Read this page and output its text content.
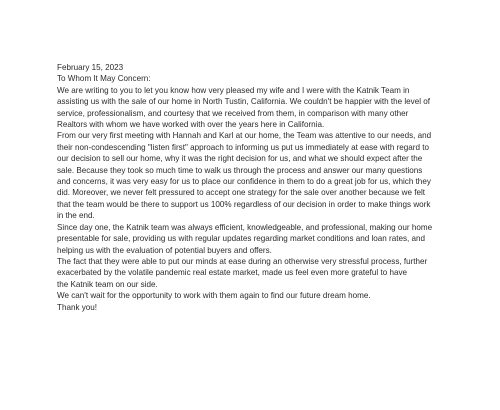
February 15, 2023

To Whom It May Concern:

We are writing to you to let you know how very pleased my wife and I were with the Katnik Team in
assisting us with the sale of our home in North Tustin, California. We couldn't be happier with the level of
service, professionalism, and courtesy that we received from them, in comparison with many other
Realtors with whom we have worked with over the years here in California.

From our very first meeting with Hannah and Karl at our home, the Team was attentive to our needs, and
their non-condescending "listen first" approach to informing us put us immediately at ease with regard to
our decision to sell our home, why it was the right decision for us, and what we should expect after the
sale. Because they took so much time to walk us through the process and answer our many questions
and concerns, it was very easy for us to place our confidence in them to do a great job for us, which they
did. Moreover, we never felt pressured to accept one strategy for the sale over another because we felt
that the team would be there to support us 100% regardless of our decision in order to make things work
in the end.

Since day one, the Katnik team was always efficient, knowledgeable, and professional, making our home
presentable for sale, providing us with regular updates regarding market conditions and loan rates, and
helping us with the evaluation of potential buyers and offers.

The fact that they were able to put our minds at ease during an otherwise very stressful process, further
exacerbated by the volatile pandemic real estate market, made us feel even more grateful to have
the Katnik team on our side.

We can't wait for the opportunity to work with them again to find our future dream home.

Thank you!
